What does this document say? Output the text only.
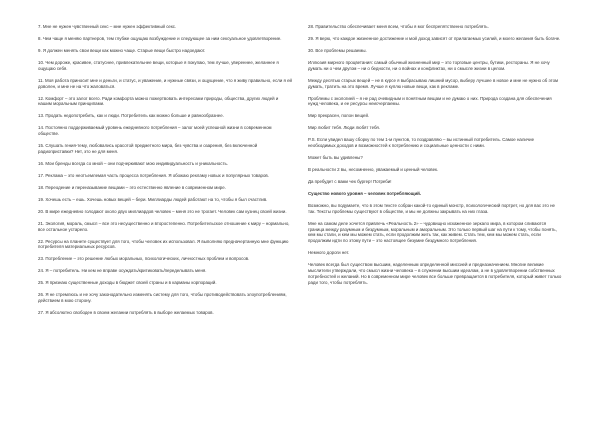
7. Мне не нужен чувственный секс – мне нужен эффективный секс.

8. Чем чаще я меняю партнеров, тем глубже ощущаю возбуждение и следующее за ним сексуальное удовлетворение.

9. Я должен менять свои вещи как можно чаще. Старые вещи быстро надоедают.

10. Чем дороже, красивее, статуснее, привлекательнее вещи, которые я покупаю, тем лучше, увереннее, желаннее я ощущаю себя.

11. Моя работа приносит мне и деньги, и статус, и уважение, и нужные связи, и ощущение, что я живу правильно, если я ей доволен, и мне не на что жаловаться.

12. Комфорт – это залог всего. Ради комфорта можно пожертвовать интересами природы, общества, других людей и нашим моральным принципами.

13. Продать недопотребить, как и люди. Потребитель как можно больше и равнообразнее.

14. Постоянно поддерживаемый уровень ежедневного потребления – залог моей успешной жизни в современном обществе.

15. Слушать гения-тему, любовались красотой предметного мира, без чувства и озарения, без включенной радиоприставки? Нет, это не для меня.

16. Мои бренды всегда со мной – они подчеркивают мою индивидуальность и уникальность.

17. Реклама – это неотъемлемая часть процесса потребления. Я обожаю рекламу новых и популярных товаров.

18. Переодение и переназывание вещами – это естественно явление в современном мире.

19. Хочешь есть – ешь. Хочешь новых вещей – бери. Миллиарды людей работают на то, чтобы я был счастлив.

20. В мире ежедневно голодают около двух миллиардов человек – меня это не трогает. Человек сам кузнец своей жизни.

21. Экология, мораль, смысл – все это несущественно и второстепенно. Потребительское отношение к миру – нормально, все остальное устарело.

22. Ресурсы на планете существует для того, чтобы человек их использовал. Я выполняю предначертанную мне функцию потребителя материальных ресурсов.

23. Потребление – это решение любых моральных, психологических, личностных проблем и вопросов.

24. Я – потребитель. Ни кем не вправе осуждать/критиковать/переделывать меня.

25. Я признаю существенные доходы в бюджет своей страны и в карманы корпораций.

26. Я не стремлюсь и не хочу законодательно изменять систему для того, чтобы противодействовать злоупотреблениям, действием в мою сторону.

27. Я абсолютно свободен в своем желании потреблять в выборе желаемых товаров.

28. Правительство обеспечивает меня всем, чтобы я мог беспрепятственно потреблять.

29. Я верю, что каждое жизненное достижение и мой доход зависят от прилагаемых усилий, и моего желания быть богаче.

30. Все проблемы решаемы.

Иллюзия мирного процветания: самый обычный жизненный мир – это торговые центры, бутики, рестораны. Я не хочу думать ни о чем другом – ни о бедности, ни о войнах и конфликтах, ни о смысле жизни в целом.

Между десятью старых вещей – не в курсе я выбрасываю лишний мусор, выберу лучшее в новое и мне не нужно об этом думать, тратить на это время. Лучше я куплю новые вещи, как в рекламе.

Проблемы с экологией – я не рад очевидным и понятным вещам и не думаю о них. Природа создана для обеспечения нужд человека, и ее ресурсы неисчерпаемы.

Мир прекрасен, полон вещей.

Мир любит тебя. Люди любят тебя.

P.S. Если увидел вашу сборку по тем 1-м пунктов, то поздравляю – вы истинный потребитель. Самое наличие необходимых доходов и возможностей к потреблению и социальные ценности с ними.

Может быть вы удивлены?

В реальности 2 вы, несомненно, уважаемый и ценный человек.

Да пребудет с вами чек бургер! Потреби!

Существо нового уровня – человек потребляющий.

Возможно, вы подумаете, что в этом тексте собран какой-то единый монстр, психологический портрет, но для вас это не так. Тексты проблемы существуют в обществе, и мы не должны закрывать на них глаза.

Мне на самом деле хочется привлечь «Реальность 2» – чудовищно искаженное зеркало мира, в котором сливаются граница между разумным и бездумным, моральным и аморальным. Это только первый шаг на пути к тому, чтобы понять, кем мы стали, и кем мы можем стать, если продолжим жить так, как живем. Стать тем, кем мы можем стать, если продолжим идти по этому пути – это настоящее безумие бездумного потребления.

Немного дороги нет.

Человек всегда был существом высшим, наделенным определенной миссией и предназначением. Многие великие мыслители утверждали, что смысл жизни человека – в служении высшим идеалам, а не в удовлетворении собственных потребностей и желаний. Но в современном мире человек все больше превращается в потребителя, который живет только ради того, чтобы потреблять.
